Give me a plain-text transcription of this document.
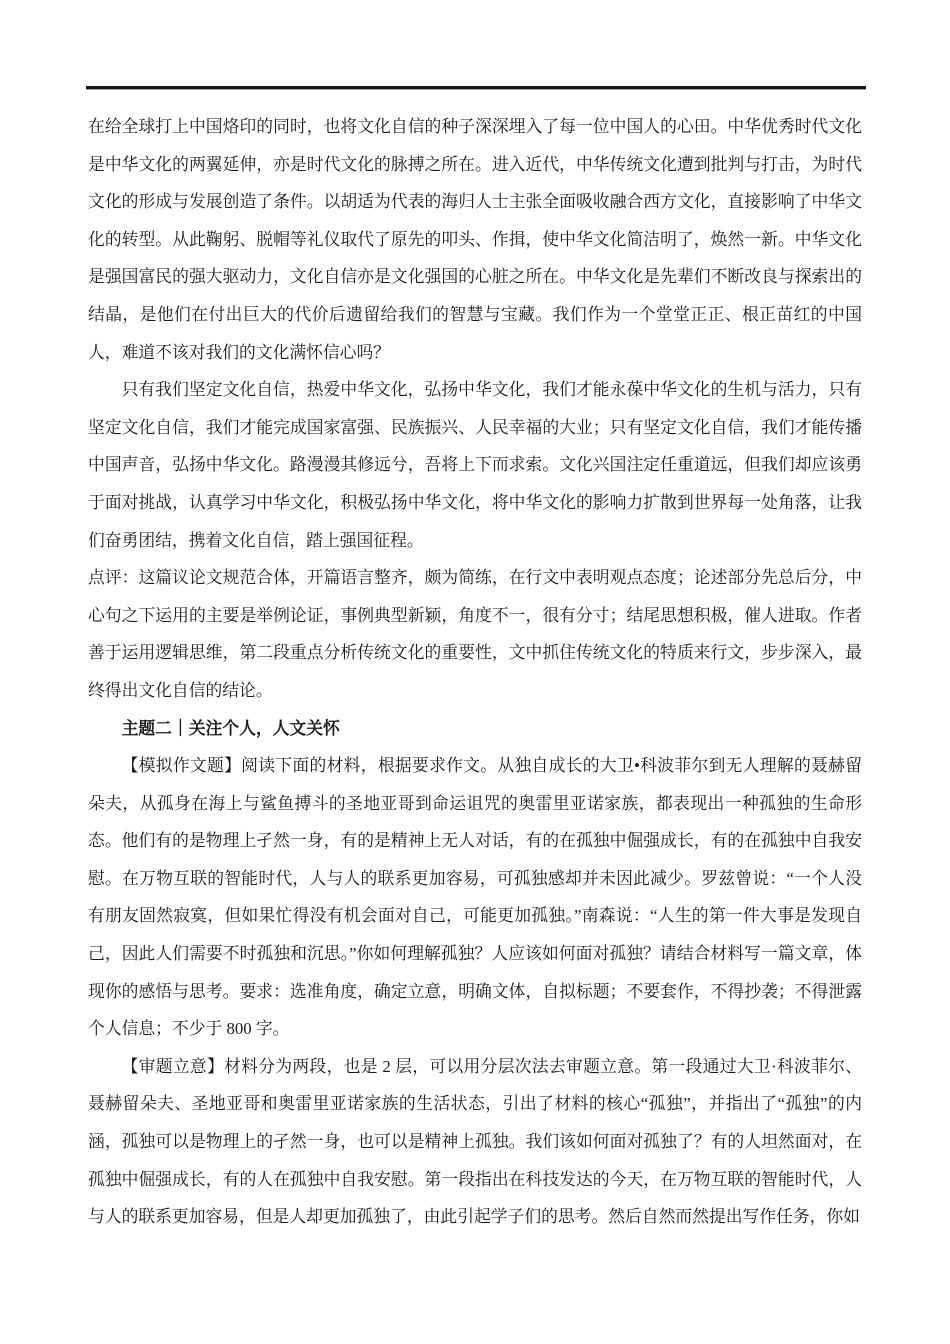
在给全球打上中国烙印的同时，也将文化自信的种子深深埋入了每一位中国人的心田。中华优秀时代文化是中华文化的两翼延伸，亦是时代文化的脉搏之所在。进入近代，中华传统文化遭到批判与打击，为时代文化的形成与发展创造了条件。以胡适为代表的海归人士主张全面吸收融合西方文化，直接影响了中华文化的转型。从此鞠躬、脱帽等礼仪取代了原先的叩头、作揖，使中华文化简洁明了，焕然一新。中华文化是强国富民的强大驱动力，文化自信亦是文化强国的心脏之所在。中华文化是先辈们不断改良与探索出的结晶，是他们在付出巨大的代价后遗留给我们的智慧与宝藏。我们作为一个堂堂正正、根正苗红的中国人，难道不该对我们的文化满怀信心吗？

只有我们坚定文化自信，热爱中华文化，弘扬中华文化，我们才能永葆中华文化的生机与活力，只有坚定文化自信，我们才能完成国家富强、民族振兴、人民幸福的大业；只有坚定文化自信，我们才能传播中国声音，弘扬中华文化。路漫漫其修远兮，吾将上下而求索。文化兴国注定任重道远，但我们却应该勇于面对挑战，认真学习中华文化，积极弘扬中华文化，将中华文化的影响力扩散到世界每一处角落，让我们奋勇团结，携着文化自信，踏上强国征程。

点评：这篇议论文规范合体，开篇语言整齐，颇为简练，在行文中表明观点态度；论述部分先总后分，中心句之下运用的主要是举例论证，事例典型新颖，角度不一，很有分寸；结尾思想积极，催人进取。作者善于运用逻辑思维，第二段重点分析传统文化的重要性，文中抓住传统文化的特质来行文，步步深入，最终得出文化自信的结论。

主题二｜关注个人，人文关怀

【模拟作文题】阅读下面的材料，根据要求作文。从独自成长的大卫•科波菲尔到无人理解的聂赫留朵夫，从孤身在海上与鲨鱼搏斗的圣地亚哥到命运诅咒的奥雷里亚诺家族，都表现出一种孤独的生命形态。他们有的是物理上孑然一身，有的是精神上无人对话，有的在孤独中倔强成长，有的在孤独中自我安慰。在万物互联的智能时代，人与人的联系更加容易，可孤独感却并未因此减少。罗兹曾说：“一个人没有朋友固然寂寞，但如果忙得没有机会面对自己，可能更加孤独。”南森说：“人生的第一件大事是发现自己，因此人们需要不时孤独和沉思。”你如何理解孤独？人应该如何面对孤独？请结合材料写一篇文章，体现你的感悟与思考。要求：选准角度，确定立意，明确文体，自拟标题；不要套作，不得抄袭；不得泄露个人信息；不少于 800 字。

【审题立意】材料分为两段，也是 2 层，可以用分层次法去审题立意。第一段通过大卫·科波菲尔、聂赫留朵夫、圣地亚哥和奥雷里亚诺家族的生活状态，引出了材料的核心“孤独”，并指出了“孤独”的内涵，孤独可以是物理上的孑然一身，也可以是精神上孤独。我们该如何面对孤独了？有的人坦然面对，在孤独中倔强成长，有的人在孤独中自我安慰。第一段指出在科技发达的今天，在万物互联的智能时代，人与人的联系更加容易，但是人却更加孤独了，由此引起学子们的思考。然后自然而然提出写作任务，你如
